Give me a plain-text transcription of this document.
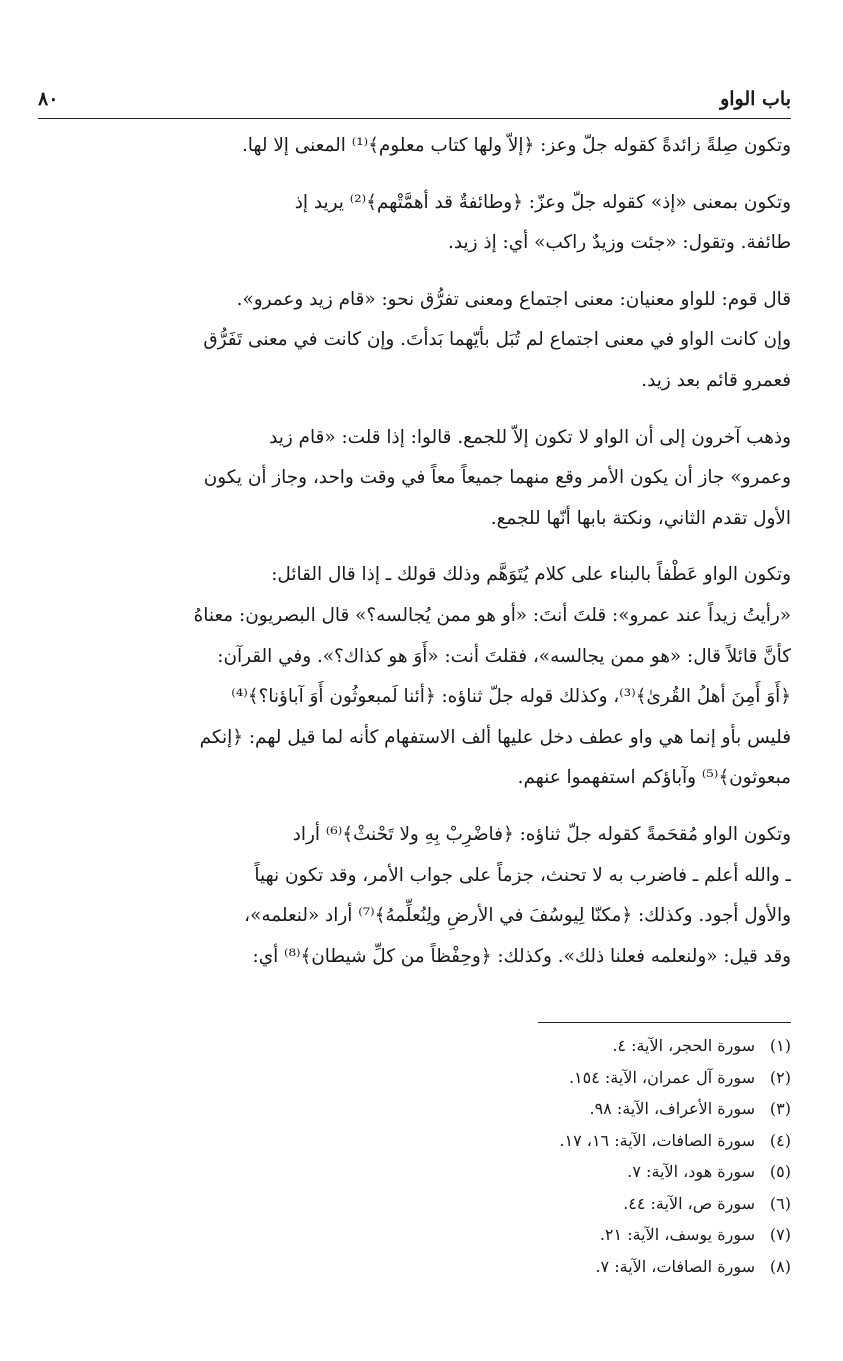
باب الواو
٨٠
وتكون صِلةً زائدةً كقوله جلّ وعز: ﴿إلاّ ولها كتاب معلوم﴾⁽¹⁾ المعنى إلا لها.
وتكون بمعنى «إذ» كقوله جلّ وعزّ: ﴿وطائفةٌ قد أهمَّتْهم﴾⁽²⁾ يريد إذ
طائفة. وتقول: «جئت وزيدٌ راكب» أي: إذ زيد.
قال قوم: للواو معنيان: معنى اجتماع ومعنى تفرُّق نحو: «قام زيد وعمرو».
وإن كانت الواو في معنى اجتماع لم تُبَل بأيّهما بَدأتَ. وإن كانت في معنى تَفَرُّق
فعمرو قائم بعد زيد.
وذهب آخرون إلى أن الواو لا تكون إلاّ للجمع. قالوا: إذا قلت: «قام زيد
وعمرو» جاز أن يكون الأمر وقع منهما جميعاً معاً في وقت واحد، وجاز أن يكون
الأول تقدم الثاني، ونكتة بابها أنّها للجمع.
وتكون الواو عَطْفاً بالبناء على كلام يُتَوَهَّم وذلك قولك ـ إذا قال القائل:
«رأيتُ زيداً عند عمرو»: قلتَ أنتَ: «أو هو ممن يُجالسه؟» قال البصريون: معناهُ
كأنَّ قائلاً قال: «هو ممن يجالسه»، فقلتَ أنت: «أَوَ هو كذاك؟». وفي القرآن:
﴿أَوَ أَمِنَ أهلُ القُرىٰ﴾⁽³⁾، وكذلك قوله جلّ ثناؤه: ﴿أئنا لَمبعوثُون أَوَ آباؤنا؟﴾⁽⁴⁾
فليس بأو إنما هي واو عطف دخل عليها ألف الاستفهام كأنه لما قيل لهم: ﴿إنكم
مبعوثون﴾⁽⁵⁾ وآباؤكم استفهموا عنهم.
وتكون الواو مُقحَمةً كقوله جلّ ثناؤه: ﴿فاضْرِبْ بِهِ ولا تَحْنثْ﴾⁽⁶⁾ أراد
ـ والله أعلم ـ فاضرب به لا تحنث، جزماً على جواب الأمر، وقد تكون نهياً
والأول أجود. وكذلك: ﴿مكنّا لِيوسُفَ في الأرضِ ولِنُعلِّمهُ﴾⁽⁷⁾ أراد «لنعلمه»،
وقد قيل: «ولنعلمه فعلنا ذلك». وكذلك: ﴿وحِفْظاً من كلِّ شيطان﴾⁽⁸⁾ أي:
(١)سورة الحجر، الآية: ٤.
(٢)سورة آل عمران، الآية: ١٥٤.
(٣)سورة الأعراف، الآية: ٩٨.
(٤)سورة الصافات، الآية: ١٦، ١٧.
(٥)سورة هود، الآية: ٧.
(٦)سورة ص، الآية: ٤٤.
(٧)سورة يوسف، الآية: ٢١.
(٨)سورة الصافات، الآية: ٧.
